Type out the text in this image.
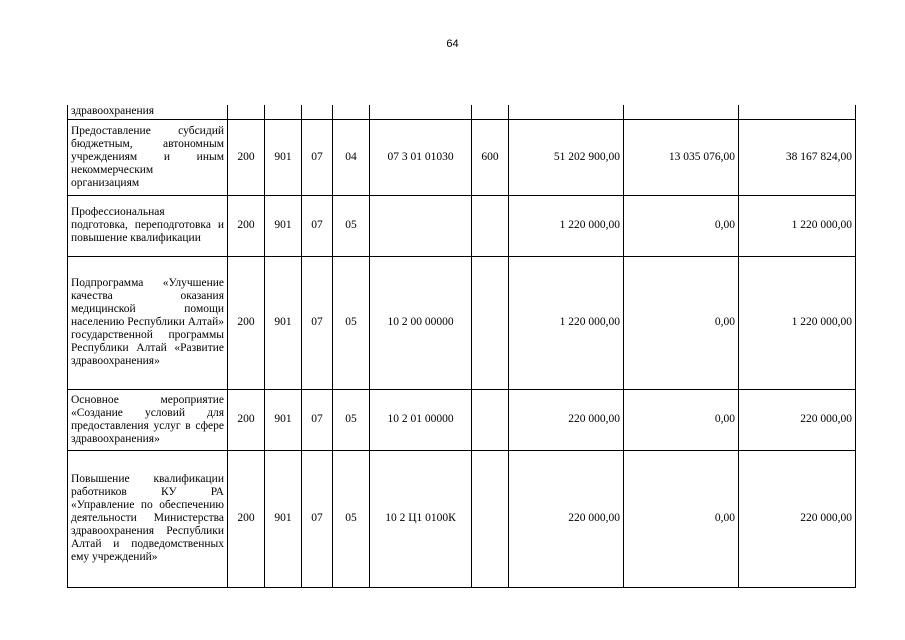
64
здравоохранения									
Предоставление субсидий бюджетным, автономным учреждениям и иным некоммерческим организациям	200	901	07	04	07 3 01 01030	600	51 202 900,00	13 035 076,00	38 167 824,00
Профессиональная подготовка, переподготовка и повышение квалификации	200	901	07	05			1 220 000,00	0,00	1 220 000,00
Подпрограмма «Улучшение качества оказания медицинской помощи населению Республики Алтай» государственной программы Республики Алтай «Развитие здравоохранения»	200	901	07	05	10 2 00 00000		1 220 000,00	0,00	1 220 000,00
Основное мероприятие «Создание условий для предоставления услуг в сфере здравоохранения»	200	901	07	05	10 2 01 00000		220 000,00	0,00	220 000,00
Повышение квалификации работников КУ РА «Управление по обеспечению деятельности Министерства здравоохранения Республики Алтай и подведомственных ему учреждений»	200	901	07	05	10 2 Ц1 0100К		220 000,00	0,00	220 000,00
